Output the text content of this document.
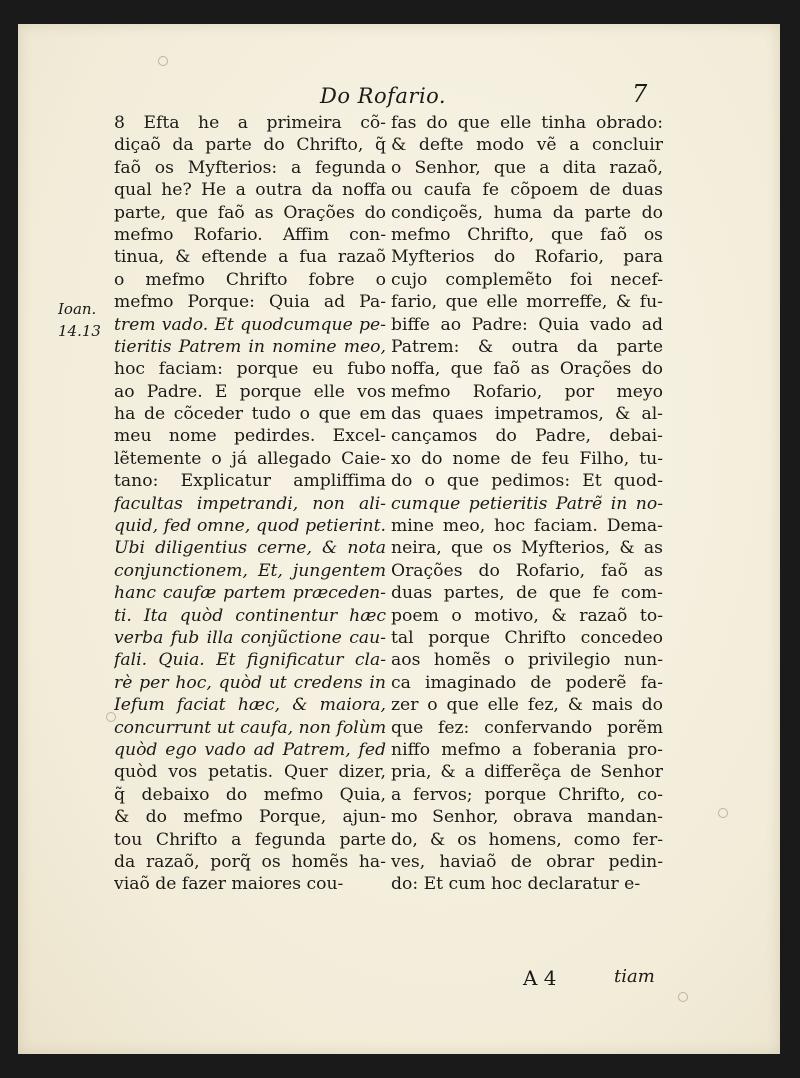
Do Rofario.	7
Ioan.
14.13
8 Efta he a primeira cõ-
diçaõ da parte do Chrifto, q̃
faõ os Myfterios: a fegunda
qual he? He a outra da noffa
parte, que faõ as Orações do
mefmo Rofario. Affim con-
tinua, & eftende a fua razaõ
o mefmo Chrifto fobre o
mefmo Porque: Quia ad Pa-
trem vado. Et quodcumque pe-
tieritis Patrem in nomine meo,
hoc faciam: porque eu fubo
ao Padre. E porque elle vos
ha de cõceder tudo o que em
meu nome pedirdes. Excel-
lẽtemente o já allegado Caie-
tano: Explicatur ampliffima
facultas impetrandi, non ali-
quid, fed omne, quod petierint.
Ubi diligentius cerne, & nota
conjunctionem, Et, jungentem
hanc caufæ partem præceden-
ti. Ita quòd continentur hæc
verba fub illa conjũctione cau-
fali. Quia. Et fignificatur cla-
rè per hoc, quòd ut credens in
Iefum faciat hæc, & maiora,
concurrunt ut caufa, non folùm
quòd ego vado ad Patrem, fed
quòd vos petatis. Quer dizer,
q̃ debaixo do mefmo Quia,
& do mefmo Porque, ajun-
tou Chrifto a fegunda parte
da razaõ, porq̃ os homẽs ha-
viaõ de fazer maiores cou-
fas do que elle tinha obrado:
& defte modo vẽ a concluir
o Senhor, que a dita razaõ,
ou caufa fe cõpoem de duas
condiçoẽs, huma da parte do
mefmo Chrifto, que faõ os
Myfterios do Rofario, para
cujo complemẽto foi necef-
fario, que elle morreffe, & fu-
biffe ao Padre: Quia vado ad
Patrem: & outra da parte
noffa, que faõ as Orações do
mefmo Rofario, por meyo
das quaes impetramos, & al-
cançamos do Padre, debai-
xo do nome de feu Filho, tu-
do o que pedimos: Et quod-
cumque petieritis Patrẽ in no-
mine meo, hoc faciam. Dema-
neira, que os Myfterios, & as
Orações do Rofario, faõ as
duas partes, de que fe com-
poem o motivo, & razaõ to-
tal porque Chrifto concedeo
aos homẽs o privilegio nun-
ca imaginado de poderẽ fa-
zer o que elle fez, & mais do
que fez: confervando porẽm
niffo mefmo a foberania pro-
pria, & a differẽça de Senhor
a fervos; porque Chrifto, co-
mo Senhor, obrava mandan-
do, & os homens, como fer-
ves, haviaõ de obrar pedin-
do: Et cum hoc declaratur e-
A 4	tiam
